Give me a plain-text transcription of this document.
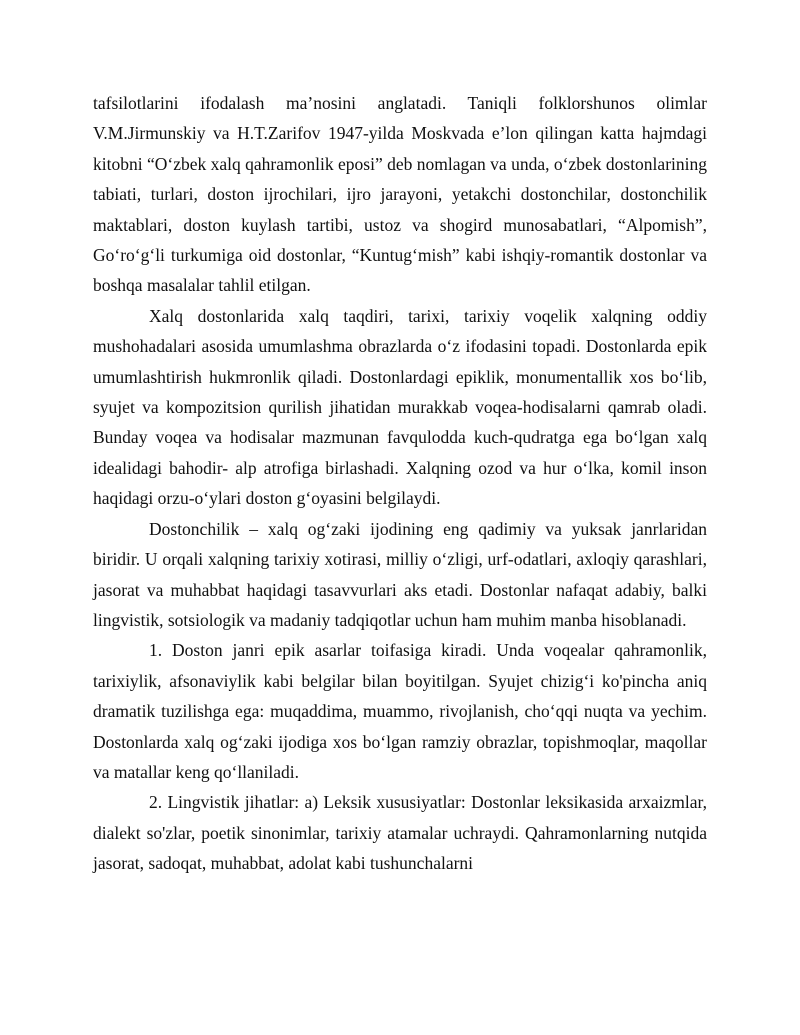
tafsilotlarini ifodalash ma’nosini anglatadi. Taniqli folklorshunos olimlar V.M.Jirmunskiy va H.T.Zarifov 1947-yilda Moskvada e’lon qilingan katta hajmdagi kitobni “O‘zbek xalq qahramonlik eposi” deb nomlagan va unda, o‘zbek dostonlarining tabiati, turlari, doston ijrochilari, ijro jarayoni, yetakchi dostonchilar, dostonchilik maktablari, doston kuylash tartibi, ustoz va shogird munosabatlari, “Alpomish”, Go‘ro‘g‘li turkumiga oid dostonlar, “Kuntug‘mish” kabi ishqiy-romantik dostonlar va boshqa masalalar tahlil etilgan.

Xalq dostonlarida xalq taqdiri, tarixi, tarixiy voqelik xalqning oddiy mushohadalari asosida umumlashma obrazlarda o‘z ifodasini topadi. Dostonlarda epik umumlashtirish hukmronlik qiladi. Dostonlardagi epiklik, monumentallik xos bo‘lib, syujet va kompozitsion qurilish jihatidan murakkab voqea-hodisalarni qamrab oladi. Bunday voqea va hodisalar mazmunan favqulodda kuch-qudratga ega bo‘lgan xalq idealidagi bahodir- alp atrofiga birlashadi. Xalqning ozod va hur o‘lka, komil inson haqidagi orzu-o‘ylari doston g‘oyasini belgilaydi.

Dostonchilik – xalq og‘zaki ijodining eng qadimiy va yuksak janrlaridan biridir. U orqali xalqning tarixiy xotirasi, milliy o‘zligi, urf-odatlari, axloqiy qarashlari, jasorat va muhabbat haqidagi tasavvurlari aks etadi. Dostonlar nafaqat adabiy, balki lingvistik, sotsiologik va madaniy tadqiqotlar uchun ham muhim manba hisoblanadi.

1. Doston janri epik asarlar toifasiga kiradi. Unda voqealar qahramonlik, tarixiylik, afsonaviylik kabi belgilar bilan boyitilgan. Syujet chizig‘i ko'pincha aniq dramatik tuzilishga ega: muqaddima, muammo, rivojlanish, cho‘qqi nuqta va yechim. Dostonlarda xalq og‘zaki ijodiga xos bo‘lgan ramziy obrazlar, topishmoqlar, maqollar va matallar keng qo‘llaniladi.

2. Lingvistik jihatlar: a) Leksik xususiyatlar: Dostonlar leksikasida arxaizmlar, dialekt so'zlar, poetik sinonimlar, tarixiy atamalar uchraydi. Qahramonlarning nutqida jasorat, sadoqat, muhabbat, adolat kabi tushunchalarni
